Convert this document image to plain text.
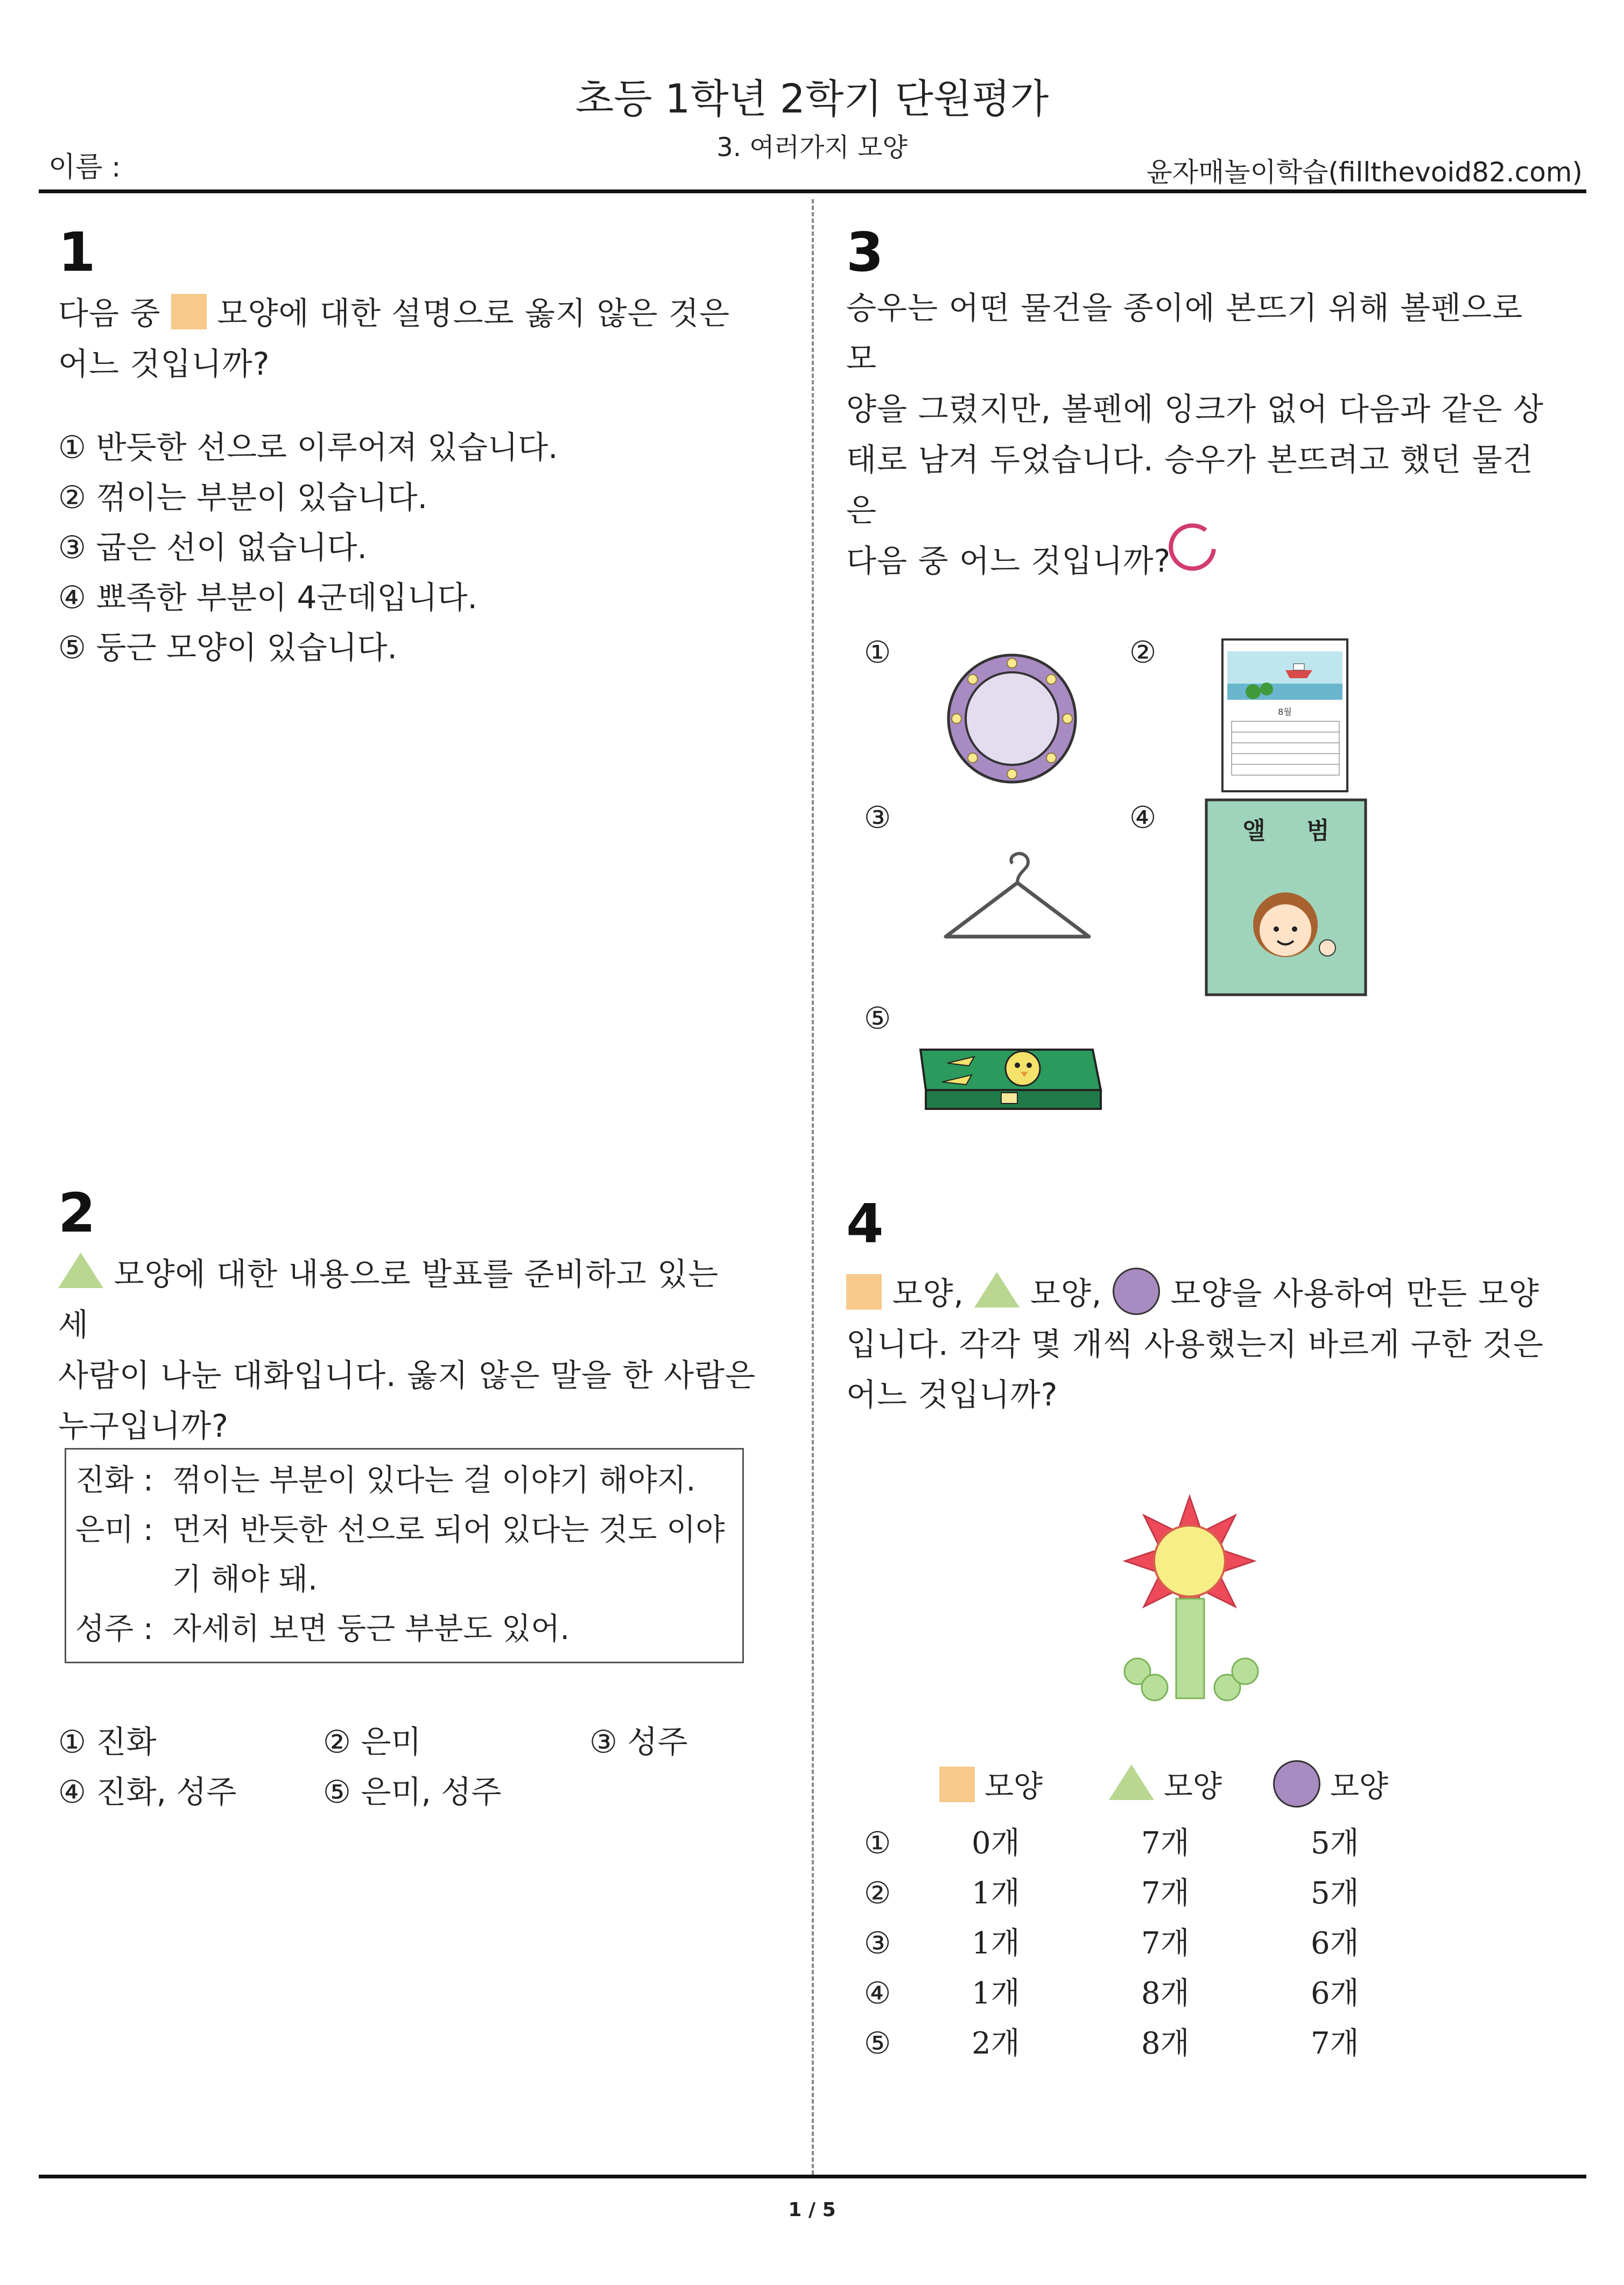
초등 1학년 2학기 단원평가
3. 여러가지 모양
이름 :	윤자매놀이학습(fillthevoid82.com)
1
다음 중 모양에 대한 설명으로 옳지 않은 것은
어느 것입니까?
① 반듯한 선으로 이루어져 있습니다.
② 꺾이는 부분이 있습니다.
③ 굽은 선이 없습니다.
④ 뾰족한 부분이 4군데입니다.
⑤ 둥근 모양이 있습니다.
2
모양에 대한 내용으로 발표를 준비하고 있는 세
사람이 나눈 대화입니다. 옳지 않은 말을 한 사람은
누구입니까?
진화 : 꺾이는 부분이 있다는 걸 이야기 해야지.
은미 : 먼저 반듯한 선으로 되어 있다는 것도 이야
기 해야 돼.
성주 : 자세히 보면 둥근 부분도 있어.
① 진화	② 은미	③ 성주
④ 진화, 성주	⑤ 은미, 성주
3
승우는 어떤 물건을 종이에 본뜨기 위해 볼펜으로 모
양을 그렸지만, 볼펜에 잉크가 없어 다음과 같은 상
태로 남겨 두었습니다. 승우가 본뜨려고 했던 물건은
다음 중 어느 것입니까?
①	②
③	④
⑤
8월
앨     범
4
모양, 모양, 모양을 사용하여 만든 모양
입니다. 각각 몇 개씩 사용했는지 바르게 구한 것은
어느 것입니까?
모양	모양	모양
①	0개	7개	5개
②	1개	7개	5개
③	1개	7개	6개
④	1개	8개	6개
⑤	2개	8개	7개
1 / 5
